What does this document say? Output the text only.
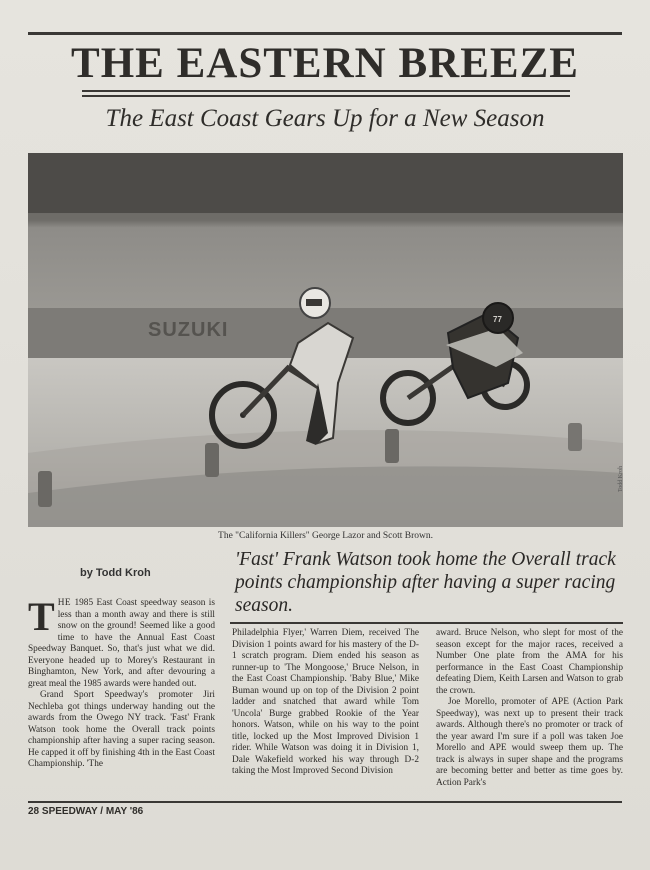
THE EASTERN BREEZE
The East Coast Gears Up for a New Season
SUZUKI	77
Todd Kroh
The "California Killers" George Lazor and Scott Brown.
by Todd Kroh
'Fast' Frank Watson took home the Overall track points championship after having a super racing season.

THE 1985 East Coast speedway season is less than a month away and there is still snow on the ground! Seemed like a good time to have the Annual East Coast Speedway Banquet. So, that's just what we did. Everyone headed up to Morey's Restaurant in Binghamton, New York, and after devouring a great meal the 1985 awards were handed out.

Grand Sport Speedway's promoter Jiri Nechleba got things underway handing out the awards from the Owego NY track. 'Fast' Frank Watson took home the Overall track points championship after having a super racing season. He capped it off by finishing 4th in the East Coast Championship. 'The

Philadelphia Flyer,' Warren Diem, received The Division 1 points award for his mastery of the D-1 scratch program. Diem ended his season as runner-up to 'The Mongoose,' Bruce Nelson, in the East Coast Championship. 'Baby Blue,' Mike Buman wound up on top of the Division 2 point ladder and snatched that award while Tom 'Uncola' Burge grabbed Rookie of the Year honors. Watson, while on his way to the point title, locked up the Most Improved Division 1 rider. While Watson was doing it in Division 1, Dale Wakefield worked his way through D-2 taking the Most Improved Second Division

award. Bruce Nelson, who slept for most of the season except for the major races, received a Number One plate from the AMA for his performance in the East Coast Championship defeating Diem, Keith Larsen and Watson to grab the crown.

Joe Morello, promoter of APE (Action Park Speedway), was next up to present their track awards. Although there's no promoter or track of the year award I'm sure if a poll was taken Joe Morello and APE would sweep them up. The track is always in super shape and the programs are becoming better and better as time goes by. Action Park's

28 SPEEDWAY / MAY '86
